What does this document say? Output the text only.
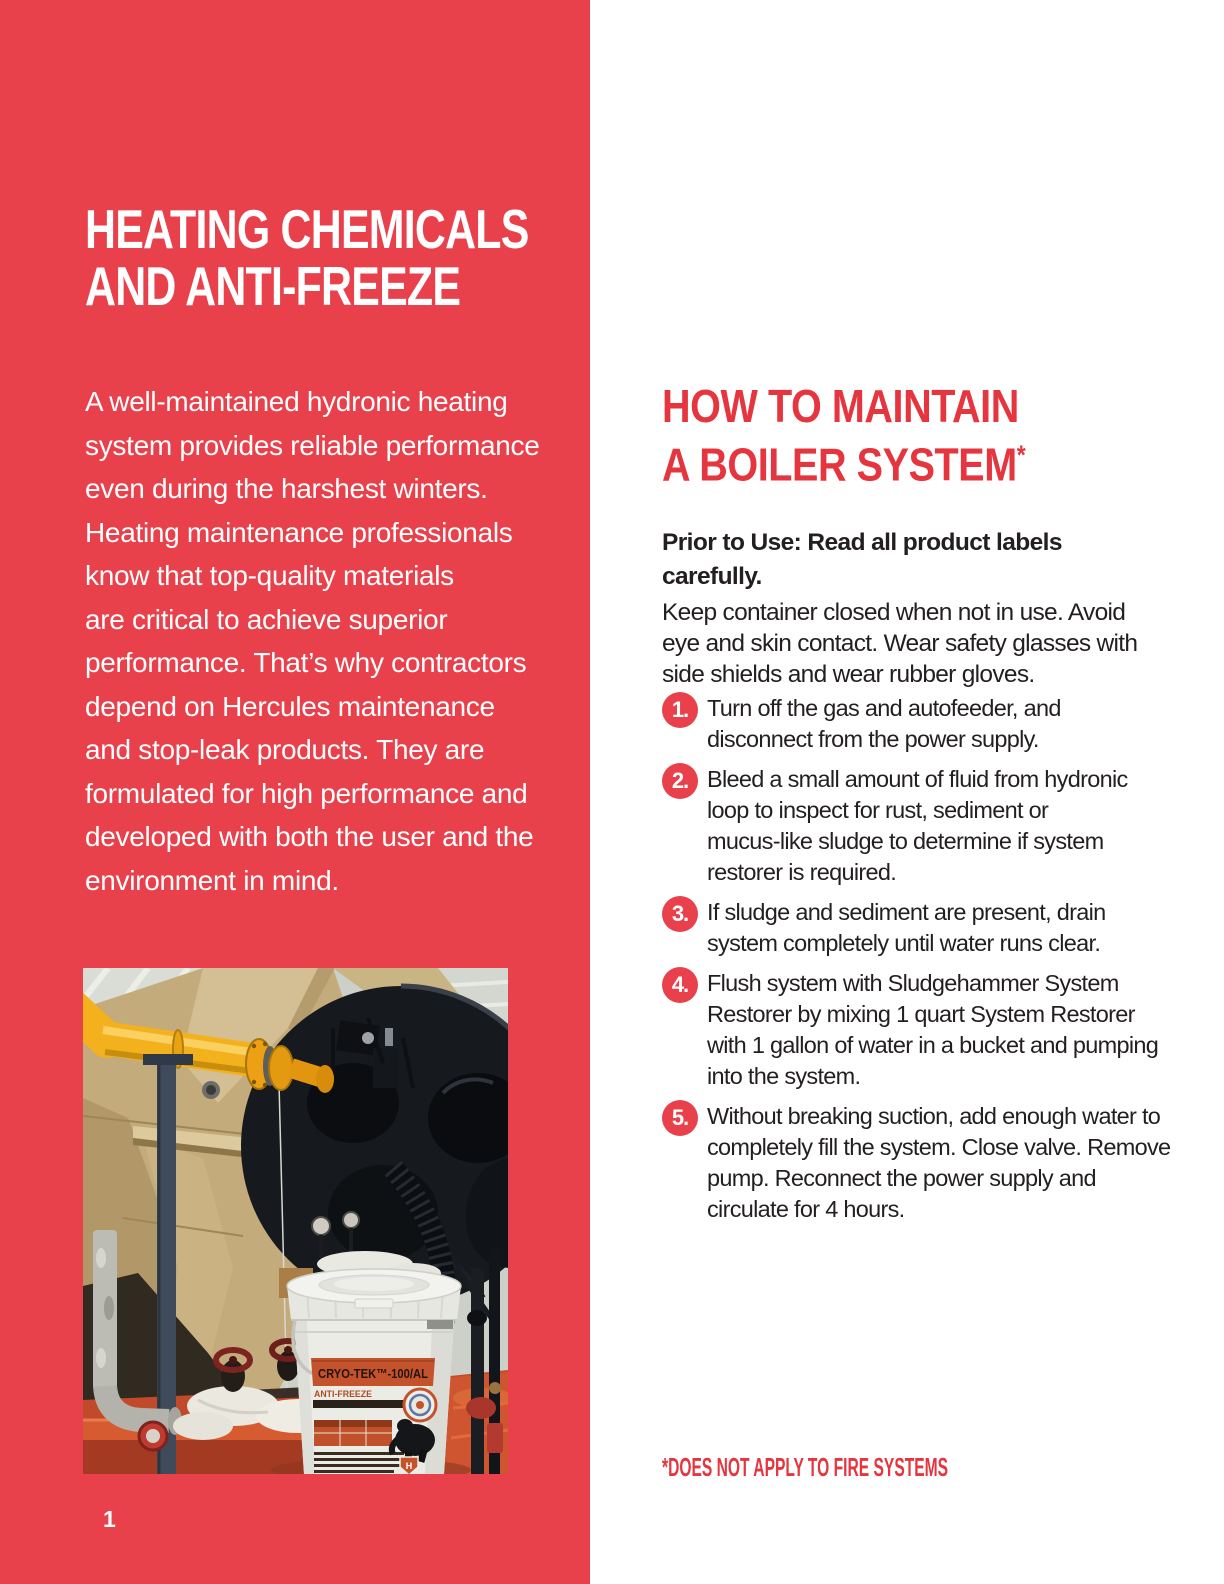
HEATING CHEMICALS
AND ANTI-FREEZE
A well-maintained hydronic heating
system provides reliable performance
even during the harshest winters.
Heating maintenance professionals
know that top-quality materials
are critical to achieve superior
performance. That’s why contractors
depend on Hercules maintenance
and stop-leak products. They are
formulated for high performance and
developed with both the user and the
environment in mind.
CRYO-TEK™-100/AL
ANTI-FREEZE
H
1
HOW TO MAINTAIN
A BOILER SYSTEM*
Prior to Use: Read all product labels
carefully.
Keep container closed when not in use. Avoid
eye and skin contact. Wear safety glasses with
side shields and wear rubber gloves.
1. Turn off the gas and autofeeder, and
disconnect from the power supply.
2. Bleed a small amount of fluid from hydronic
loop to inspect for rust, sediment or
mucus-like sludge to determine if system
restorer is required.
3. If sludge and sediment are present, drain
system completely until water runs clear.
4. Flush system with Sludgehammer System
Restorer by mixing 1 quart System Restorer
with 1 gallon of water in a bucket and pumping
into the system.
5. Without breaking suction, add enough water to
completely fill the system. Close valve. Remove
pump. Reconnect the power supply and
circulate for 4 hours.
*DOES NOT APPLY TO FIRE SYSTEMS
